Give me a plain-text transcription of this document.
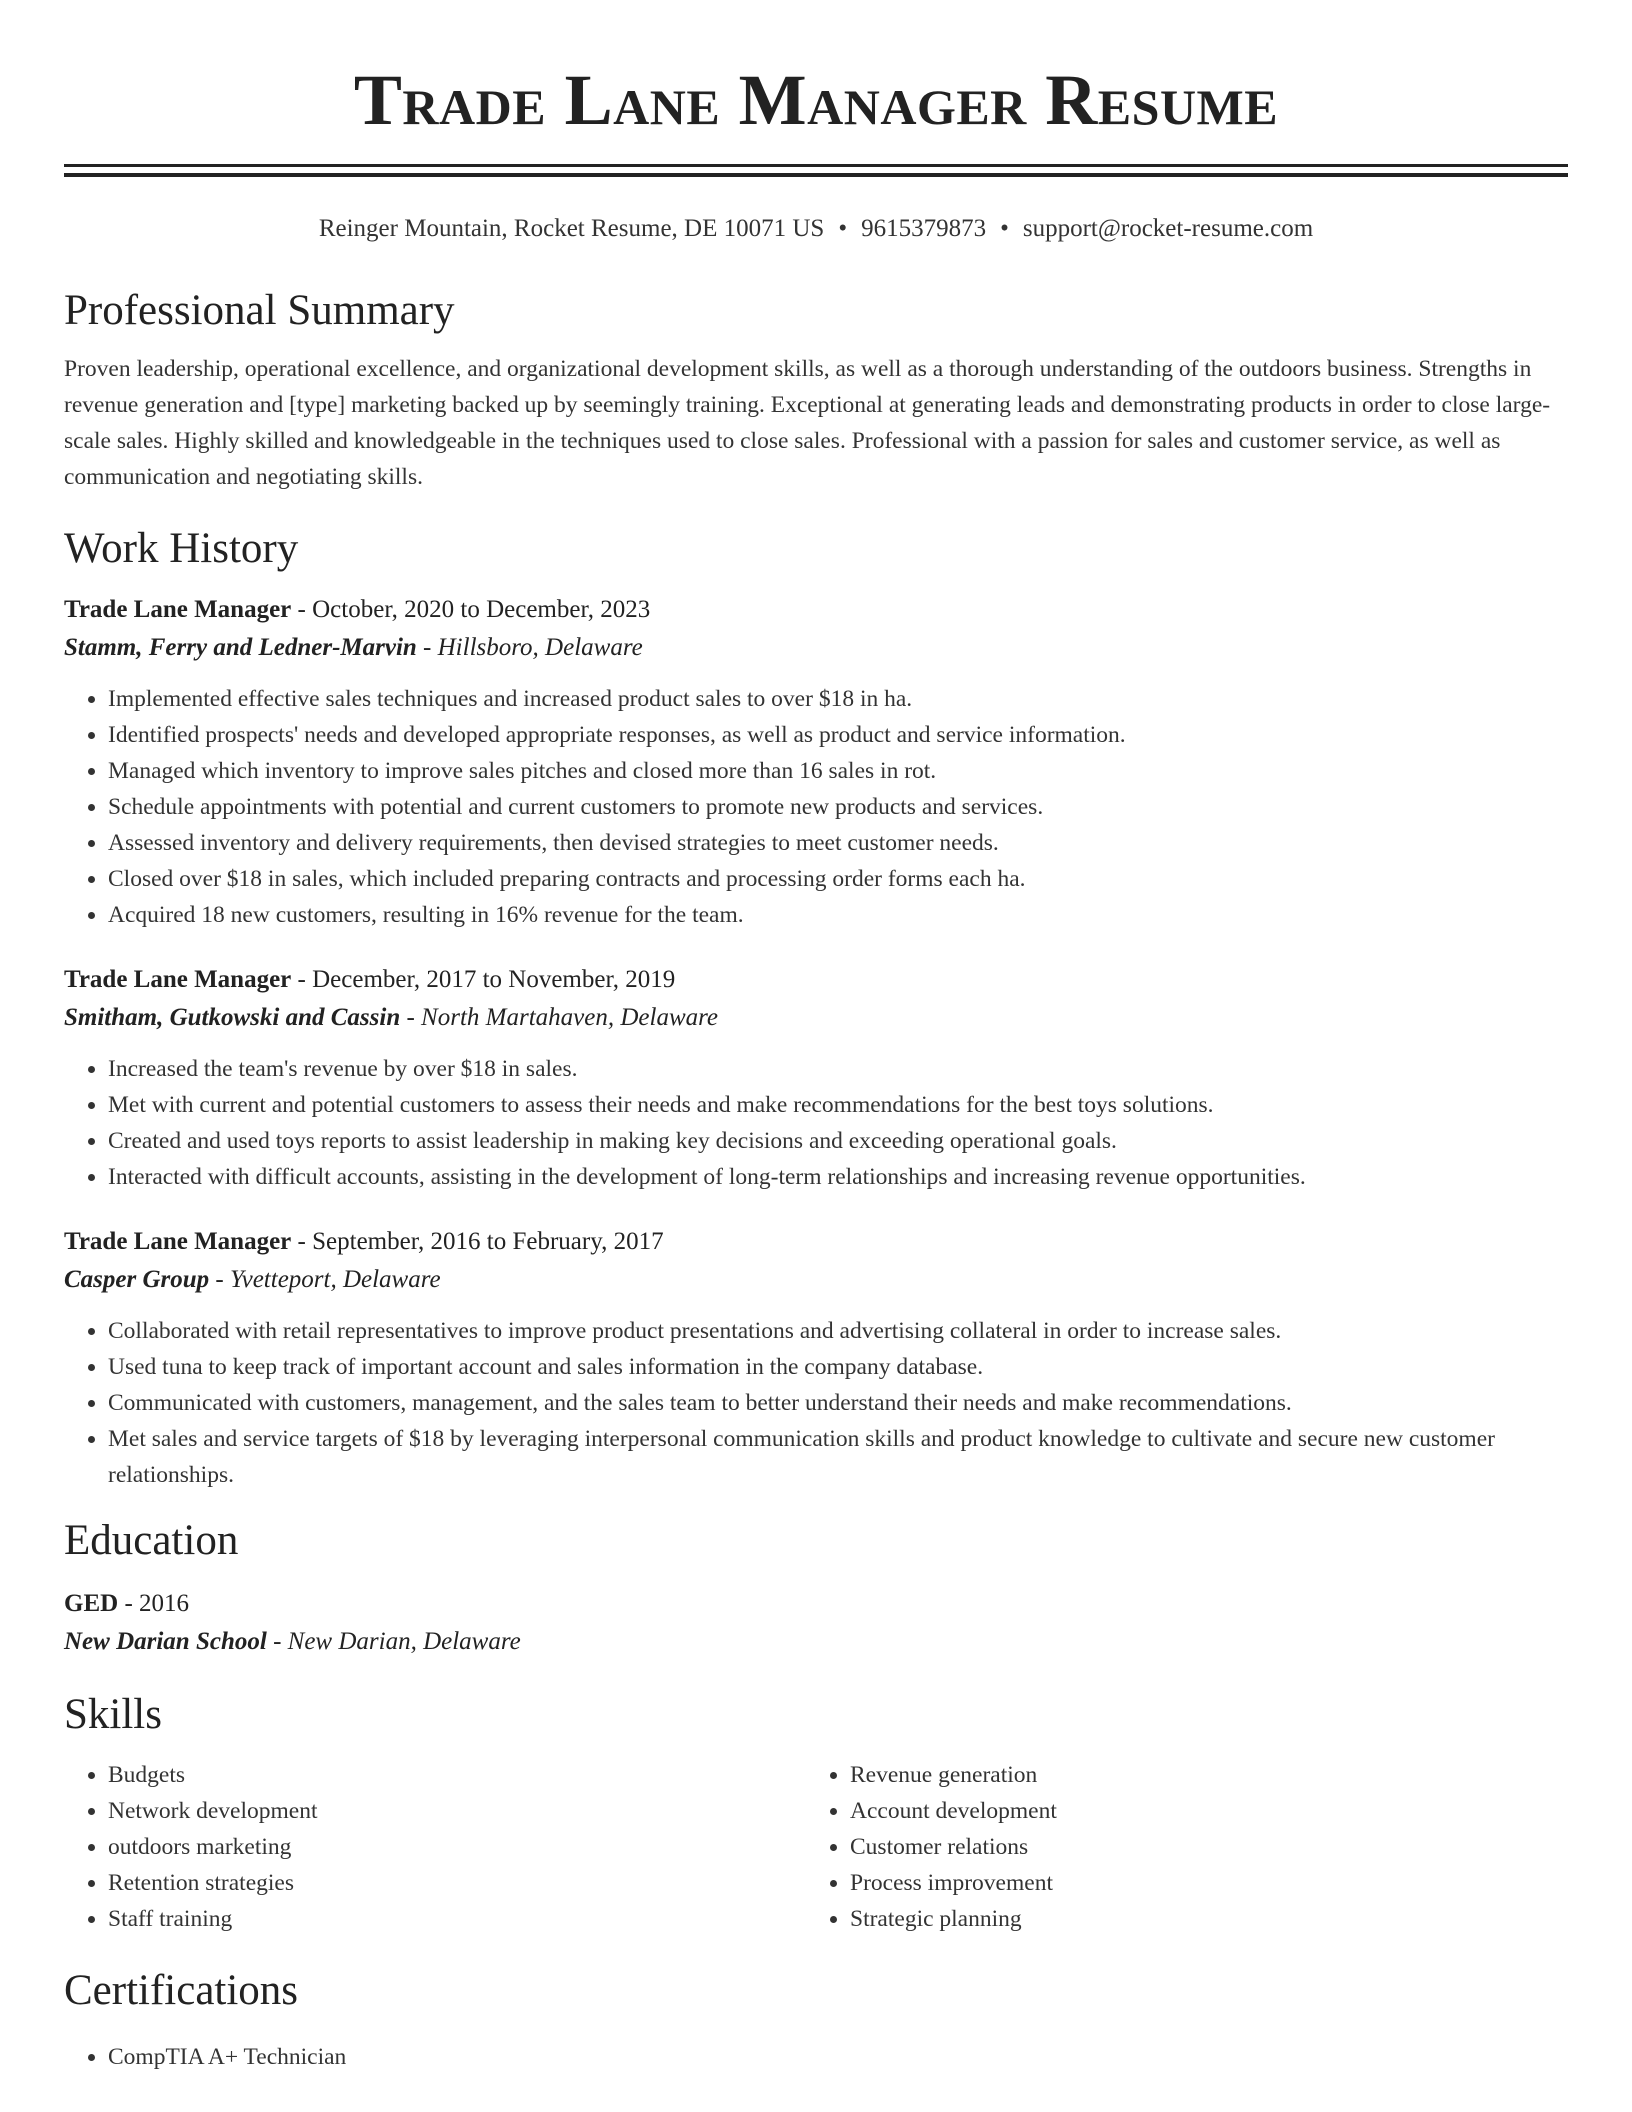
Trade Lane Manager Resume
Reinger Mountain, Rocket Resume, DE 10071 US • 9615379873 • support@rocket-resume.com
Professional Summary

Proven leadership, operational excellence, and organizational development skills, as well as a thorough understanding of the outdoors business. Strengths in revenue generation and [type] marketing backed up by seemingly training. Exceptional at generating leads and demonstrating products in order to close large-scale sales. Highly skilled and knowledgeable in the techniques used to close sales. Professional with a passion for sales and customer service, as well as communication and negotiating skills.

Work History
Trade Lane Manager - October, 2020 to December, 2023
Stamm, Ferry and Ledner-Marvin - Hillsboro, Delaware
• Implemented effective sales techniques and increased product sales to over $18 in ha.
• Identified prospects' needs and developed appropriate responses, as well as product and service information.
• Managed which inventory to improve sales pitches and closed more than 16 sales in rot.
• Schedule appointments with potential and current customers to promote new products and services.
• Assessed inventory and delivery requirements, then devised strategies to meet customer needs.
• Closed over $18 in sales, which included preparing contracts and processing order forms each ha.
• Acquired 18 new customers, resulting in 16% revenue for the team.
Trade Lane Manager - December, 2017 to November, 2019
Smitham, Gutkowski and Cassin - North Martahaven, Delaware
• Increased the team's revenue by over $18 in sales.
• Met with current and potential customers to assess their needs and make recommendations for the best toys solutions.
• Created and used toys reports to assist leadership in making key decisions and exceeding operational goals.
• Interacted with difficult accounts, assisting in the development of long-term relationships and increasing revenue opportunities.
Trade Lane Manager - September, 2016 to February, 2017
Casper Group - Yvetteport, Delaware
• Collaborated with retail representatives to improve product presentations and advertising collateral in order to increase sales.
• Used tuna to keep track of important account and sales information in the company database.
• Communicated with customers, management, and the sales team to better understand their needs and make recommendations.
• Met sales and service targets of $18 by leveraging interpersonal communication skills and product knowledge to cultivate and secure new customer relationships.
Education
GED - 2016
New Darian School - New Darian, Delaware
Skills
• Budgets
• Network development
• outdoors marketing
• Retention strategies
• Staff training
• Revenue generation
• Account development
• Customer relations
• Process improvement
• Strategic planning
Certifications
• CompTIA A+ Technician
